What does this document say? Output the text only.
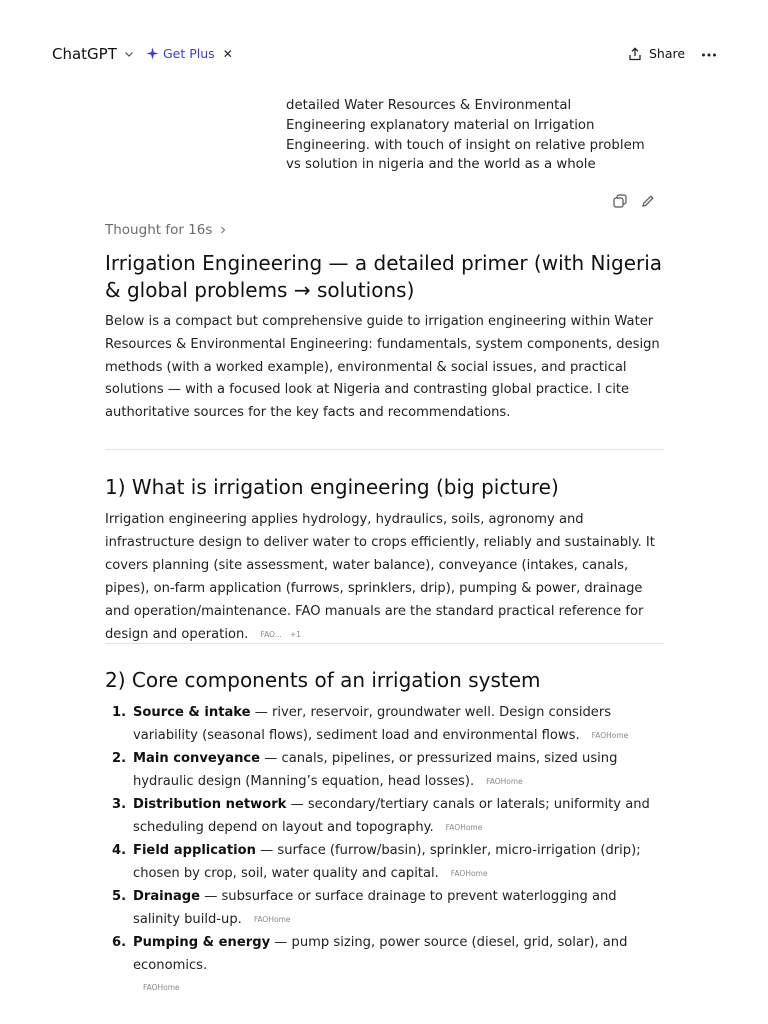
ChatGPT	Get Plus ✕	Share
detailed Water Resources & Environmental Engineering explanatory material on Irrigation Engineering. with touch of insight on relative problem vs solution in nigeria and the world as a whole
Thought for 16s
Irrigation Engineering — a detailed primer (with Nigeria & global problems → solutions)

Below is a compact but comprehensive guide to irrigation engineering within Water Resources & Environmental Engineering: fundamentals, system components, design methods (with a worked example), environmental & social issues, and practical solutions — with a focused look at Nigeria and contrasting global practice. I cite authoritative sources for the key facts and recommendations.

1) What is irrigation engineering (big picture)

Irrigation engineering applies hydrology, hydraulics, soils, agronomy and infrastructure design to deliver water to crops efficiently, reliably and sustainably. It covers planning (site assessment, water balance), conveyance (intakes, canals, pipes), on-farm application (furrows, sprinklers, drip), pumping & power, drainage and operation/maintenance. FAO manuals are the standard practical reference for design and operation. FAO... +1

2) Core components of an irrigation system
1. Source & intake — river, reservoir, groundwater well. Design considers variability (seasonal flows), sediment load and environmental flows. FAOHome
2. Main conveyance — canals, pipelines, or pressurized mains, sized using hydraulic design (Manning’s equation, head losses). FAOHome
3. Distribution network — secondary/tertiary canals or laterals; uniformity and scheduling depend on layout and topography. FAOHome
4. Field application — surface (furrow/basin), sprinkler, micro-irrigation (drip); chosen by crop, soil, water quality and capital. FAOHome
5. Drainage — subsurface or surface drainage to prevent waterlogging and salinity build-up. FAOHome
6. Pumping & energy — pump sizing, power source (diesel, grid, solar), and economics.
FAOHome
